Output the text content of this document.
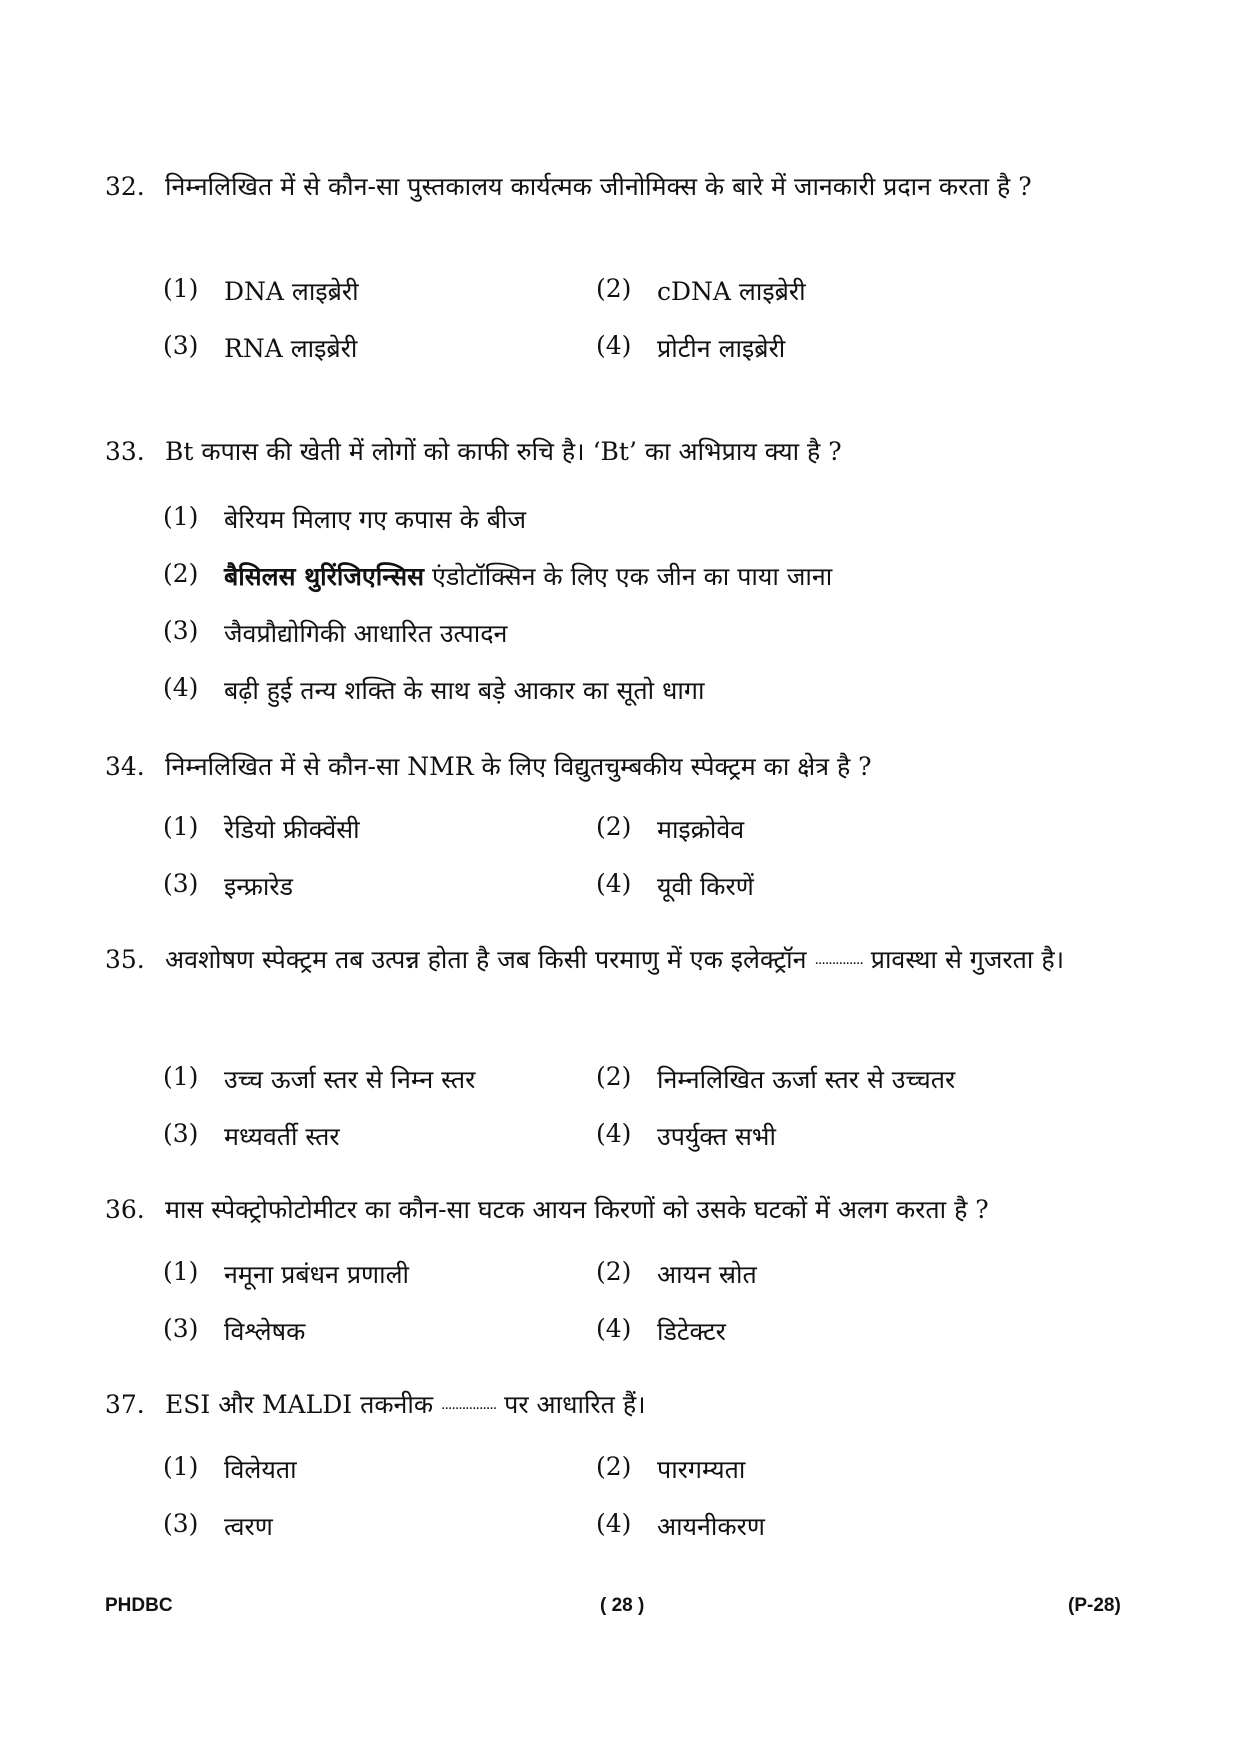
32. निम्नलिखित में से कौन-सा पुस्तकालय कार्यत्मक जीनोमिक्स के बारे में जानकारी प्रदान करता है ?
(1)	DNA लाइब्रेरी	(2)	cDNA लाइब्रेरी
(3)	RNA लाइब्रेरी	(4)	प्रोटीन लाइब्रेरी
33. Bt कपास की खेती में लोगों को काफी रुचि है। ‘Bt’ का अभिप्राय क्या है ?
(1)	बेरियम मिलाए गए कपास के बीज
(2)	बैसिलस थुरिंजिएन्सिस एंडोटॉक्सिन के लिए एक जीन का पाया जाना
(3)	जैवप्रौद्योगिकी आधारित उत्पादन
(4)	बढ़ी हुई तन्य शक्ति के साथ बड़े आकार का सूतो धागा
34. निम्नलिखित में से कौन-सा NMR के लिए विद्युतचुम्बकीय स्पेक्ट्रम का क्षेत्र है ?
(1)	रेडियो फ्रीक्वेंसी	(2)	माइक्रोवेव
(3)	इन्फ्रारेड	(4)	यूवी किरणें
35. अवशोषण स्पेक्ट्रम तब उत्पन्न होता है जब किसी परमाणु में एक इलेक्ट्रॉन .............. प्रावस्था से गुजरता है।
(1)	उच्च ऊर्जा स्तर से निम्न स्तर	(2)	निम्नलिखित ऊर्जा स्तर से उच्चतर
(3)	मध्यवर्ती स्तर	(4)	उपर्युक्त सभी
36. मास स्पेक्ट्रोफोटोमीटर का कौन-सा घटक आयन किरणों को उसके घटकों में अलग करता है ?
(1)	नमूना प्रबंधन प्रणाली	(2)	आयन स्रोत
(3)	विश्लेषक	(4)	डिटेक्टर
37. ESI और MALDI तकनीक ................ पर आधारित हैं।
(1)	विलेयता	(2)	पारगम्यता
(3)	त्वरण	(4)	आयनीकरण
PHDBC	( 28 )	(P-28)
